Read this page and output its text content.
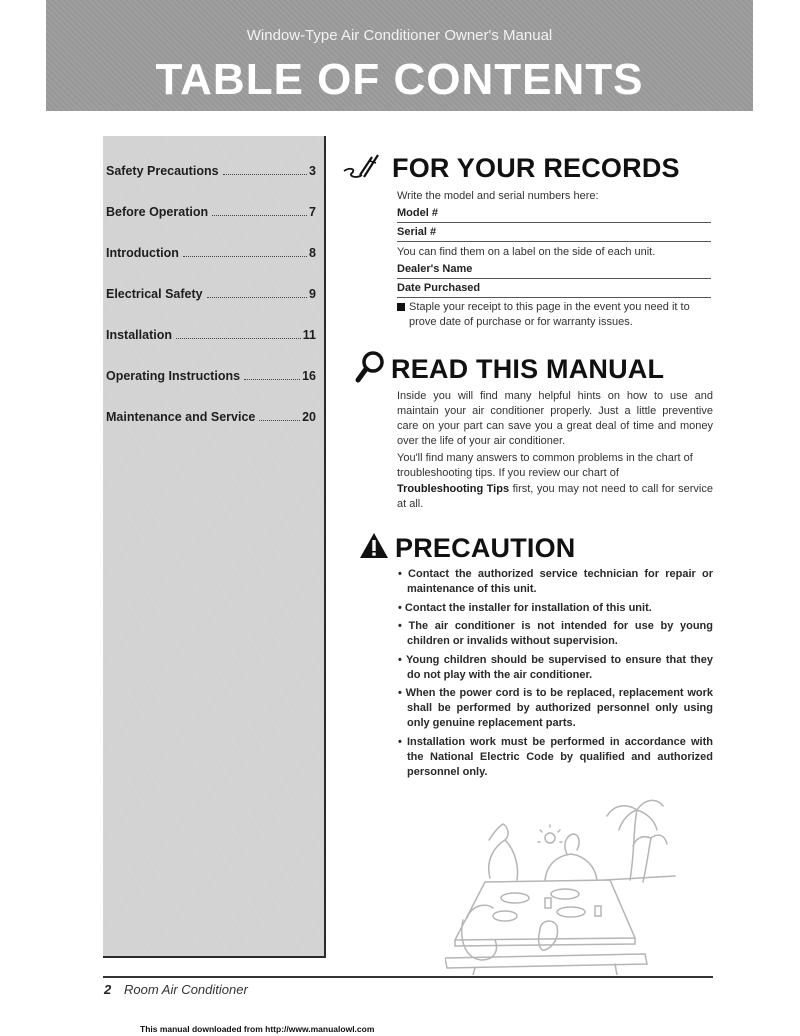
Window-Type Air Conditioner Owner's Manual
TABLE OF CONTENTS
Safety Precautions	3
Before Operation	7
Introduction	8
Electrical Safety	9
Installation	11
Operating Instructions	16
Maintenance and Service	20
FOR YOUR RECORDS
Write the model and serial numbers here:
Model #
Serial #
You can find them on a label on the side of each unit.
Dealer's Name
Date Purchased
Staple your receipt to this page in the event you need it to prove date of purchase or for warranty issues.
READ THIS MANUAL
Inside you will find many helpful hints on how to use and maintain your air conditioner properly. Just a little preventive care on your part can save you a great deal of time and money over the life of your air conditioner.
You'll find many answers to common problems in the chart of troubleshooting tips. If you review our chart of
Troubleshooting Tips first, you may not need to call for service at all.
PRECAUTION
• Contact the authorized service technician for repair or maintenance of this unit.
• Contact the installer for installation of this unit.
• The air conditioner is not intended for use by young children or invalids without supervision.
• Young children should be supervised to ensure that they do not play with the air conditioner.
• When the power cord is to be replaced, replacement work shall be performed by authorized personnel only using only genuine replacement parts.
• Installation work must be performed in accordance with the National Electric Code by qualified and authorized personnel only.
2 Room Air Conditioner
This manual downloaded from http://www.manualowl.com
